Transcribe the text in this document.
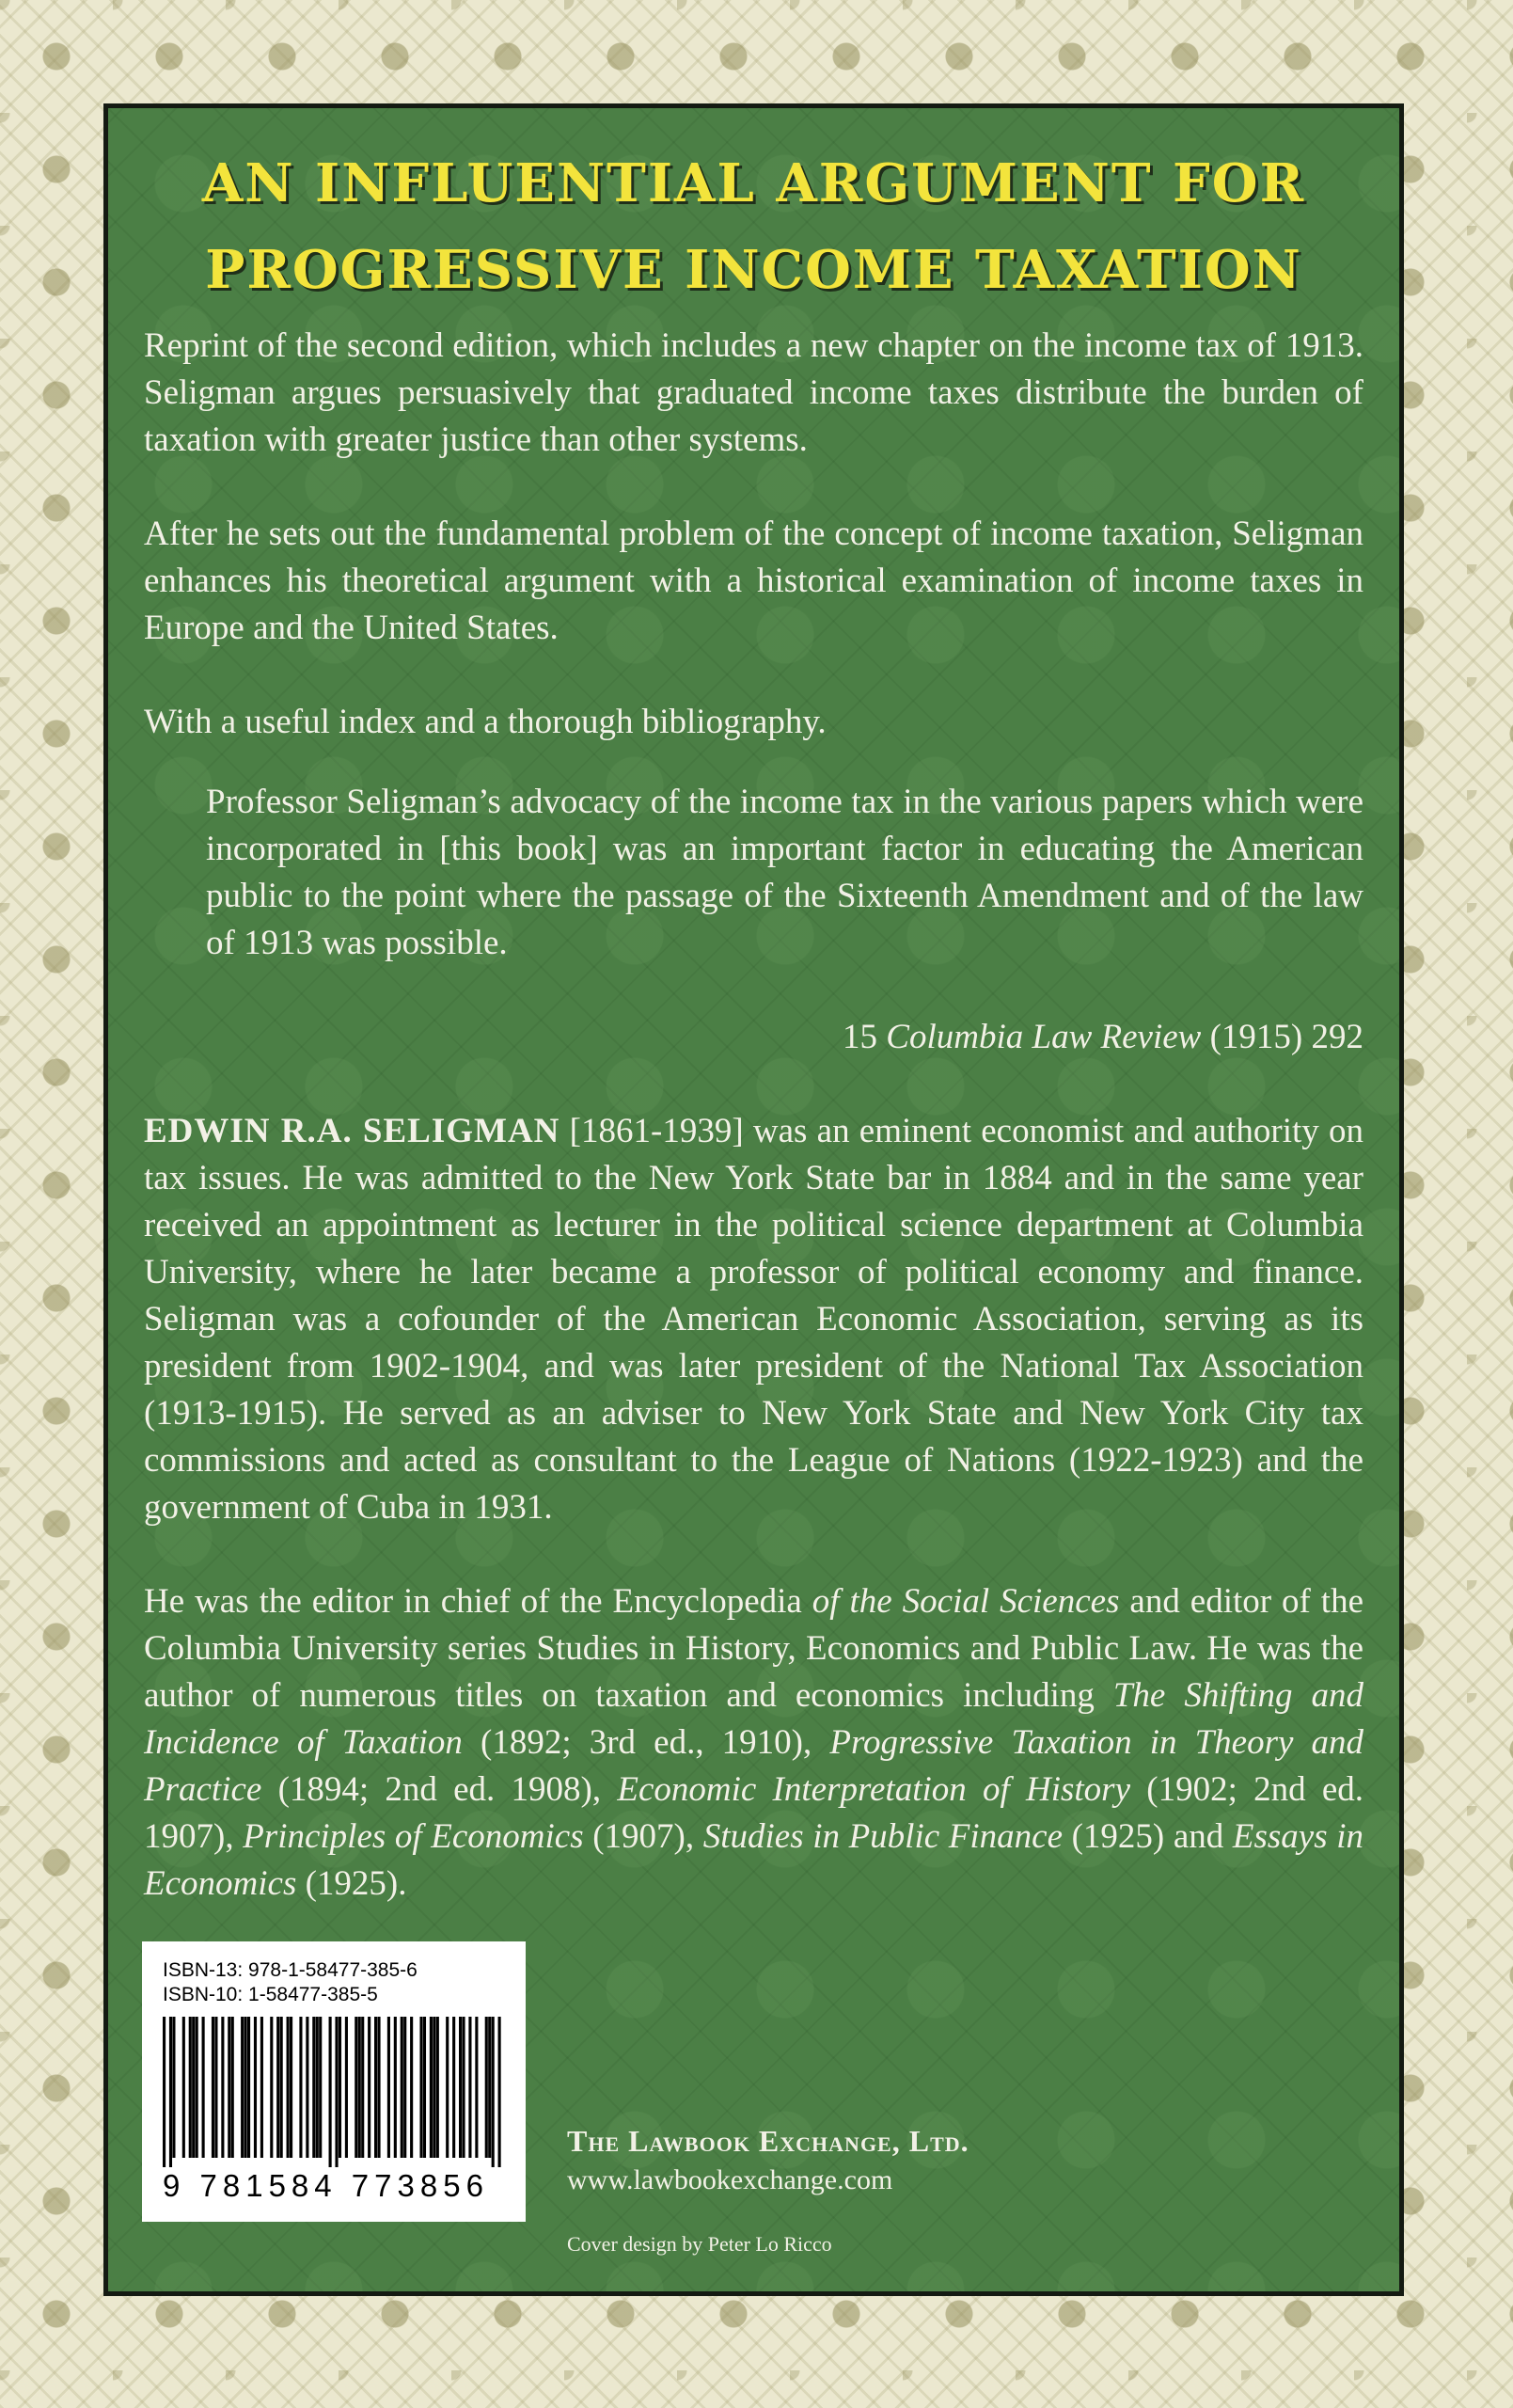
AN INFLUENTIAL ARGUMENT FOR PROGRESSIVE INCOME TAXATION

Reprint of the second edition, which includes a new chapter on the income tax of 1913. Seligman argues persuasively that graduated income taxes distribute the burden of taxation with greater justice than other systems.

After he sets out the fundamental problem of the concept of income taxation, Seligman enhances his theoretical argument with a historical examination of income taxes in Europe and the United States.

With a useful index and a thorough bibliography.

Professor Seligman’s advocacy of the income tax in the various papers which were incorporated in [this book] was an important factor in educating the American public to the point where the passage of the Sixteenth Amendment and of the law of 1913 was possible.

15 Columbia Law Review (1915) 292

EDWIN R.A. SELIGMAN [1861-1939] was an eminent economist and authority on tax issues. He was admitted to the New York State bar in 1884 and in the same year received an appointment as lecturer in the political science department at Columbia University, where he later became a professor of political economy and finance. Seligman was a cofounder of the American Economic Association, serving as its president from 1902-1904, and was later president of the National Tax Association (1913-1915). He served as an adviser to New York State and New York City tax commissions and acted as consultant to the League of Nations (1922-1923) and the government of Cuba in 1931.

He was the editor in chief of the Encyclopedia of the Social Sciences and editor of the Columbia University series Studies in History, Economics and Public Law. He was the author of numerous titles on taxation and economics including The Shifting and Incidence of Taxation (1892; 3rd ed., 1910), Progressive Taxation in Theory and Practice (1894; 2nd ed. 1908), Economic Interpretation of History (1902; 2nd ed. 1907), Principles of Economics (1907), Studies in Public Finance (1925) and Essays in Economics (1925).

ISBN-13: 978-1-58477-385-6
ISBN-10: 1-58477-385-5
9 781584 773856
The Lawbook Exchange, Ltd.
www.lawbookexchange.com
Cover design by Peter Lo Ricco
